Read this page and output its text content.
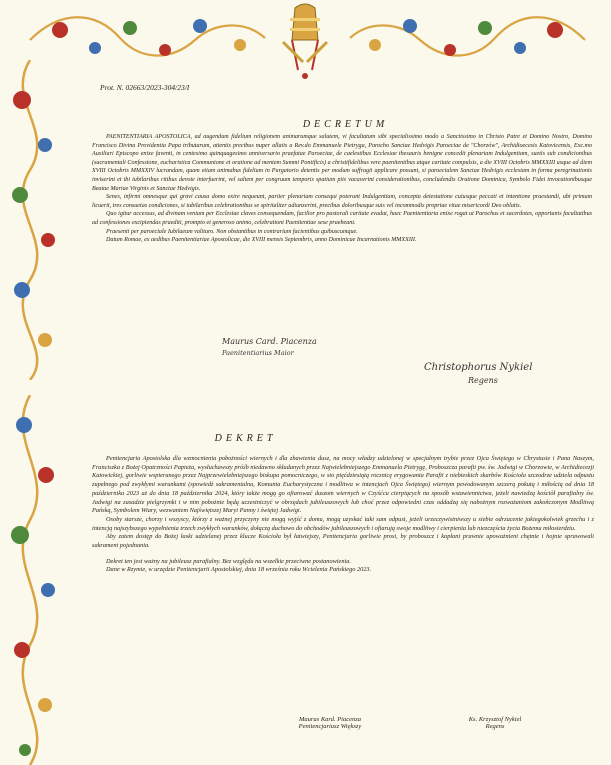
Prot. N. 02663/2023-304/23/I
DECRETUM

PAENITENTIARIA APOSTOLICA, ad augendum fidelium religionem animarumque salutem, vi facultatum sibi specialissimo modo a Sanctissimo in Christo Patre et Domino Nostro, Domino Francisco Divina Providentia Papa tributarum, attentis precibus nuper allatis a Rev.do Emmanuele Pietryga, Parocho Sanctae Hedvigis Paroeciae de "Chorzów", Archidioecesis Katovicensis, Exc.mo Auxiliari Episcopo enixe faventi, in centesimo quinquagesimo anniversario praefatae Paroeciae, de caelestibus Ecclesiae thesauris benigne concedit plenariam Indulgentiam, suetis sub condicionibus (sacramentali Confessione, eucharistica Communione et oratione ad mentem Summi Pontificis) a christifidelibus vere paenitentibus atque caritate compulsis, a die XVIII Octobris MMXXIII usque ad diem XVIII Octobris MMXXIV lucrandam, quam etiam animabus fidelium in Purgatorio detentis per modum suffragii applicare possunt, si paroecialem Sanctae Hedvigis ecclesiam in forma peregrinationis inviserint et ibi iubilaribus ritibus devote interfuerint, vel saltem per congruum temporis spatium piis vacaverint considerationibus, concludendis Oratione Dominica, Symbolo Fidei invocationibusque Beatae Mariae Virginis et Sanctae Hedvigis.

Senes, infirmi omnesque qui gravi causa domo exire nequeunt, pariter plenariam consequi poterunt Indulgentiam, concepta detestatione cuiusque peccati et intentione praestandi, ubi primum licuerit, tres consuetas condiciones, si iubilaribus celebrationibus se spiritaliter adiunxerint, precibus doloribusque suis vel incommodis propriae vitae misericordi Deo oblatis.

Quo igitur accessus, ad divinam veniam per Ecclesiae claves consequendam, facilior pro pastorali caritate evadat, haec Paenitentiaria enixe rogat ut Parochus et sacerdotes, opportunis facultatibus ad confessiones excipiendas praediti, prompto et generoso animo, celebrationi Paenitentiae sese praebeant.

Praesenti per paroeciale Iubilaeum valituro. Non obstantibus in contrarium facientibus quibuscumque.

Datum Romae, ex aedibus Paenitentiariae Apostolicae, die XVIII mensis Septembris, anno Dominicae Incarnationis MMXXIII.

Maurus Card. Piacenza
Paenitentiarius Maior
Christophorus Nykiel
Regens
DEKRET

Penitencjaria Apostolska dla wzmocnienia pobożności wiernych i dla zbawienia dusz, na mocy władzy udzielonej w specjalnym trybie przez Ojca Świętego w Chrystusie i Pana Naszym, Franciszka z Bożej Opatrzności Papieża, wysłuchawszy próśb niedawno składanych przez Najwielebniejszego Emmanuela Pietrygę, Proboszcza parafii pw. św. Jadwigi w Chorzowie, w Archidiecezji Katowickiej, gorliwie wspieranego przez Najprzewielebniejszego biskupa pomocniczego, w sto pięćdziesiątą rocznicę erygowania Parafii z niebieskich skarbów Kościoła szczodrze udziela odpustu zupełnego pod zwykłymi warunkami (spowiedź sakramentalna, Komunia Eucharystyczna i modlitwa w intencjach Ojca Świętego) wiernym pewodowanym szczerą pokutą i miłością od dnia 18 października 2023 aż do dnia 18 października 2024, który także mogą go ofiarować duszom wiernych w Czyśćcu cierpiących na sposób wstawiennictwa, jeżeli nawiedzą kościół parafialny św. Jadwigi na zasadzie pielgrzymki i w nim pobożnie będą uczestniczyć w obrzędach jubileuszowych lub choć przez odpowiedni czas oddadzą się nabożnym rozważaniom zakończonym Modlitwą Pańską, Symbolem Wiary, wezwaniem Najświętszej Maryi Panny i świętej Jadwigi.

Osoby starsze, chorzy i wszyscy, którzy z ważnej przyczyny nie mogą wyjść z domu, mogą uzyskać taki sam odpust, jeżeli urzeczywistniwszy u siebie odrzucenie jakiegokolwiek grzechu i z intencją najszybszego wypełnienia trzech zwykłych warunków, dołączą duchowo do obchodów jubileuszowych i ofiarują swoje modlitwy i cierpienia lub niezczęścia życia Bożemu miłosierdziu.

Aby zatem dostęp do Bożej łaski udzielanej przez klucze Kościoła był łatwiejszy, Penitencjaria gorliwie prosi, by proboszcz i kapłani prawnie upoważnieni chętnie i hojnie sprawowali sakrament pojednania.

Dekret ten jest ważny na jubileusz parafialny. Bez względu na wszelkie przeciwne postanowienia.

Dane w Rzymie, w urzędzie Penitencjarii Apostolskiej, dnia 18 września roku Wcielenia Pańskiego 2023.

Maurus Kard. Piacenza
Penitencjariusz Większy
Ks. Krzysztof Nykiel
Regens
